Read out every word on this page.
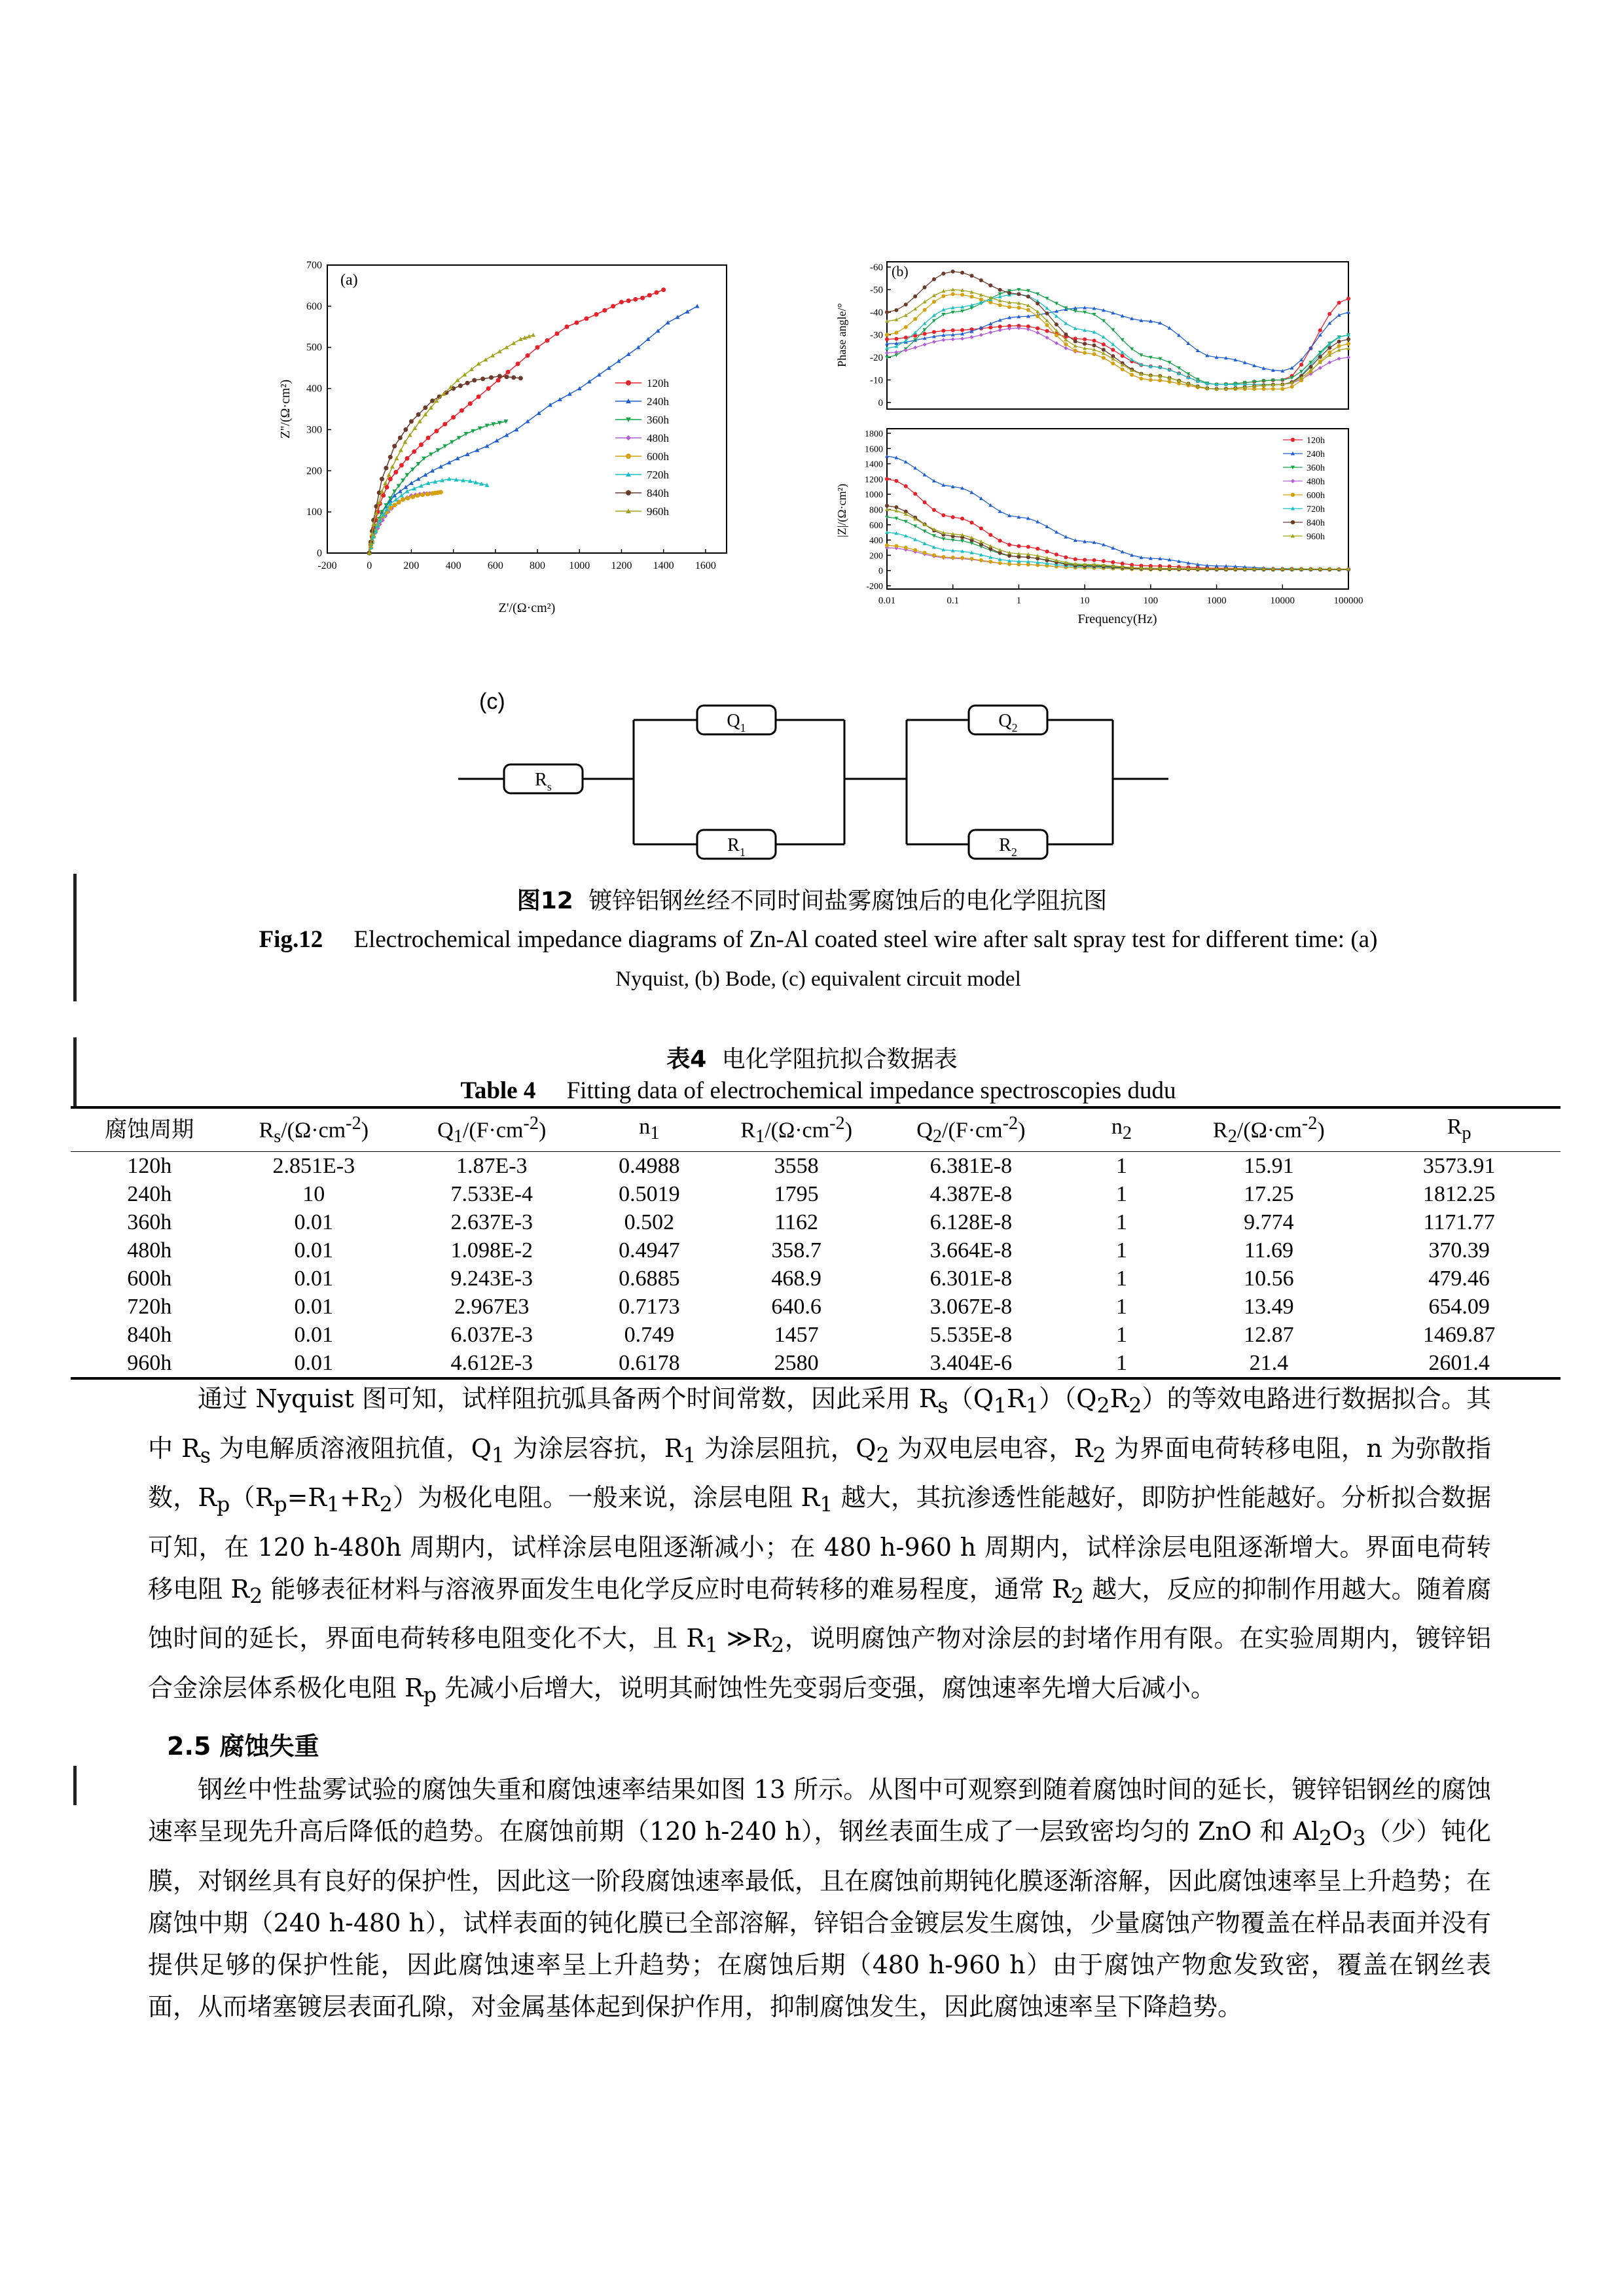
(a)
-200	0	200	400	600	800 1000 1200 1400 1600
0
100
200
300
400
500
600
700
120h
240h
360h
480h
600h
720h
840h
960h
Z'/(Ω·cm²)
Z''/(Ω·cm²)
(b)
Phase angle/°
-60
-50
-40
-30
-20
-10
0
|Z|/(Ω·cm²)
1800
1600
1400
1200
1000
800
600
400
200
0
-200
0.01	0.1	1	10	100	1000	10000	100000
120h
240h
360h
480h
600h
720h
840h
960h
Frequency(Hz)
(c)
$R_s$
$Q_1$
$R_1$
$Q_2$
$R_2$
图12 镀锌铝钢丝经不同时间盐雾腐蚀后的电化学阻抗图
Fig.12 Electrochemical impedance diagrams of Zn-Al coated steel wire after salt spray test for different time: (a)
Nyquist, (b) Bode, (c) equivalent circuit model
表4 电化学阻抗拟合数据表
Table 4 Fitting data of electrochemical impedance spectroscopies dudu
腐蚀周期	$R_s/(\Omega\cdot cm^{-2})$	$Q_1/(F\cdot cm^{-2})$	$n_1$	$R_1/(\Omega\cdot cm^{-2})$	$Q_2/(F\cdot cm^{-2})$	$n_2$	$R_2/(\Omega\cdot cm^{-2})$	$R_p$
120h	2.851E-3	1.87E-3	0.4988	3558	6.381E-8	1	15.91	3573.91
240h	10	7.533E-4	0.5019	1795	4.387E-8	1	17.25	1812.25
360h	0.01	2.637E-3	0.502	1162	6.128E-8	1	9.774	1171.77
480h	0.01	1.098E-2	0.4947	358.7	3.664E-8	1	11.69	370.39
600h	0.01	9.243E-3	0.6885	468.9	6.301E-8	1	10.56	479.46
720h	0.01	2.967E3	0.7173	640.6	3.067E-8	1	13.49	654.09
840h	0.01	6.037E-3	0.749	1457	5.535E-8	1	12.87	1469.87
960h	0.01	4.612E-3	0.6178	2580	3.404E-6	1	21.4	2601.4

通过 Nyquist 图可知，试样阻抗弧具备两个时间常数，因此采用 $R_s(Q_1R_1)(Q_2R_2)$的等效电路进行数据拟合。其中 $R_s$ 为电解质溶液阻抗值，$Q_1$ 为涂层容抗，$R_1$ 为涂层阻抗，$Q_2$ 为双电层电容，$R_2$ 为界面电荷转移电阻，n 为弥散指数，$R_p(R_p=R_1+R_2)$为极化电阻。一般来说，涂层电阻 $R_1$ 越大，其抗渗透性能越好，即防护性能越好。分析拟合数据可知，在 120 h-480h 周期内，试样涂层电阻逐渐减小；在 480 h-960 h 周期内，试样涂层电阻逐渐增大。界面电荷转移电阻 $R_2$ 能够表征材料与溶液界面发生电化学反应时电荷转移的难易程度，通常 $R_2$ 越大，反应的抑制作用越大。随着腐蚀时间的延长，界面电荷转移电阻变化不大，且 $R_1$ $≫R_2$，说明腐蚀产物对涂层的封堵作用有限。在实验周期内，镀锌铝合金涂层体系极化电阻 $R_p$ 先减小后增大，说明其耐蚀性先变弱后变强，腐蚀速率先增大后减小。

2.5 腐蚀失重

钢丝中性盐雾试验的腐蚀失重和腐蚀速率结果如图 13 所示。从图中可观察到随着腐蚀时间的延长，镀锌铝钢丝的腐蚀速率呈现先升高后降低的趋势。在腐蚀前期（120 h-240 h），钢丝表面生成了一层致密均匀的 ZnO 和 $Al_2O_3$（少）钝化膜，对钢丝具有良好的保护性，因此这一阶段腐蚀速率最低，且在腐蚀前期钝化膜逐渐溶解，因此腐蚀速率呈上升趋势；在腐蚀中期（240 h-480 h），试样表面的钝化膜已全部溶解，锌铝合金镀层发生腐蚀，少量腐蚀产物覆盖在样品表面并没有提供足够的保护性能，因此腐蚀速率呈上升趋势；在腐蚀后期（480 h-960 h）由于腐蚀产物愈发致密，覆盖在钢丝表面，从而堵塞镀层表面孔隙，对金属基体起到保护作用，抑制腐蚀发生，因此腐蚀速率呈下降趋势。
